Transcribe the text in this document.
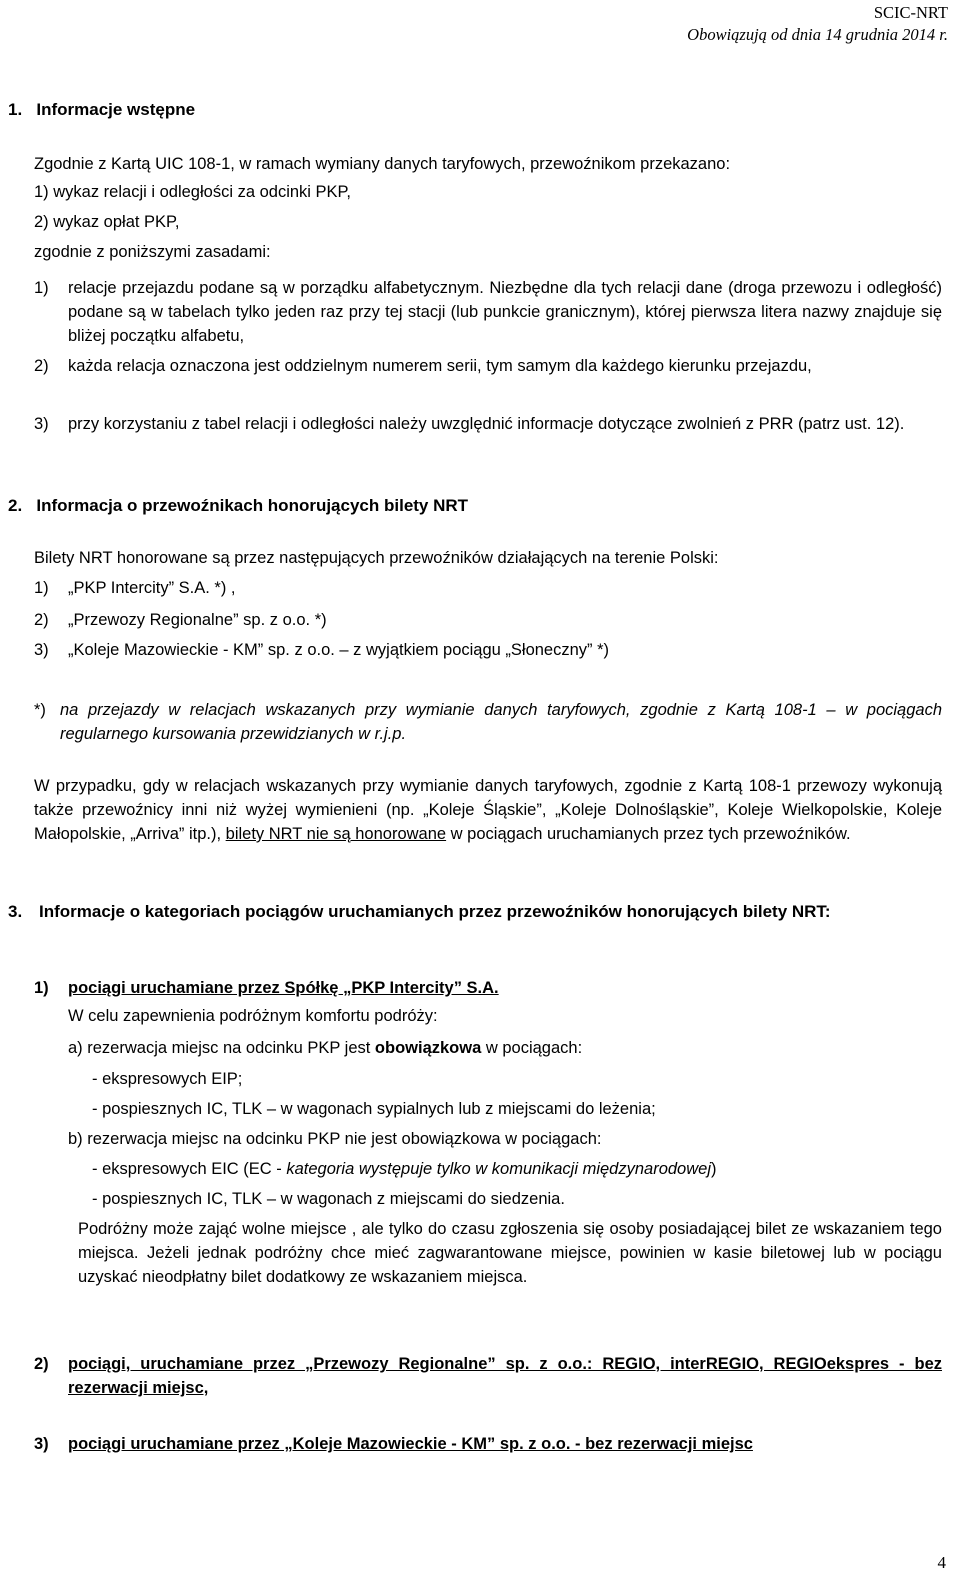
SCIC-NRT
Obowiązują od dnia 14 grudnia 2014 r.
1. Informacje wstępne
Zgodnie z Kartą UIC 108-1, w ramach wymiany danych taryfowych, przewoźnikom przekazano:
1) wykaz relacji i odległości za odcinki PKP,
2) wykaz opłat PKP,
zgodnie z poniższymi zasadami:
1)	relacje przejazdu podane są w porządku alfabetycznym. Niezbędne dla tych relacji dane (droga przewozu i odległość) podane są w tabelach tylko jeden raz przy tej stacji (lub punkcie granicznym), której pierwsza litera nazwy znajduje się bliżej początku alfabetu,
2)	każda relacja oznaczona jest oddzielnym numerem serii, tym samym dla każdego kierunku przejazdu,
3)	przy korzystaniu z tabel relacji i odległości należy uwzględnić informacje dotyczące zwolnień z PRR (patrz ust. 12).
2. Informacja o przewoźnikach honorujących bilety NRT
Bilety NRT honorowane są przez następujących przewoźników działających na terenie Polski:
1)	„PKP Intercity” S.A. *) ,
2)	„Przewozy Regionalne” sp. z o.o. *)
3)	„Koleje Mazowieckie - KM” sp. z o.o. – z wyjątkiem pociągu „Słoneczny” *)
*) na przejazdy w relacjach wskazanych przy wymianie danych taryfowych, zgodnie z Kartą 108-1 – w pociągach regularnego kursowania przewidzianych w r.j.p.
W przypadku, gdy w relacjach wskazanych przy wymianie danych taryfowych, zgodnie z Kartą 108-1 przewozy wykonują także przewoźnicy inni niż wyżej wymienieni (np. „Koleje Śląskie”, „Koleje Dolnośląskie”, Koleje Wielkopolskie, Koleje Małopolskie, „Arriva” itp.), bilety NRT nie są honorowane w pociągach uruchamianych przez tych przewoźników.
3. Informacje o kategoriach pociągów uruchamianych przez przewoźników honorujących bilety NRT:
1)	pociągi uruchamiane przez Spółkę „PKP Intercity” S.A.
W celu zapewnienia podróżnym komfortu podróży:
a) rezerwacja miejsc na odcinku PKP jest obowiązkowa w pociągach:
- ekspresowych EIP;
- pospiesznych IC, TLK – w wagonach sypialnych lub z miejscami do leżenia;
b) rezerwacja miejsc na odcinku PKP nie jest obowiązkowa w pociągach:
- ekspresowych EIC (EC - kategoria występuje tylko w komunikacji międzynarodowej)
- pospiesznych IC, TLK – w wagonach z miejscami do siedzenia.
Podróżny może zająć wolne miejsce , ale tylko do czasu zgłoszenia się osoby posiadającej bilet ze wskazaniem tego miejsca. Jeżeli jednak podróżny chce mieć zagwarantowane miejsce, powinien w kasie biletowej lub w pociągu uzyskać nieodpłatny bilet dodatkowy ze wskazaniem miejsca.
2)	pociągi, uruchamiane przez „Przewozy Regionalne” sp. z o.o.: REGIO, interREGIO, REGIOekspres - bez rezerwacji miejsc,
3)	pociągi uruchamiane przez „Koleje Mazowieckie - KM” sp. z o.o. - bez rezerwacji miejsc
4
